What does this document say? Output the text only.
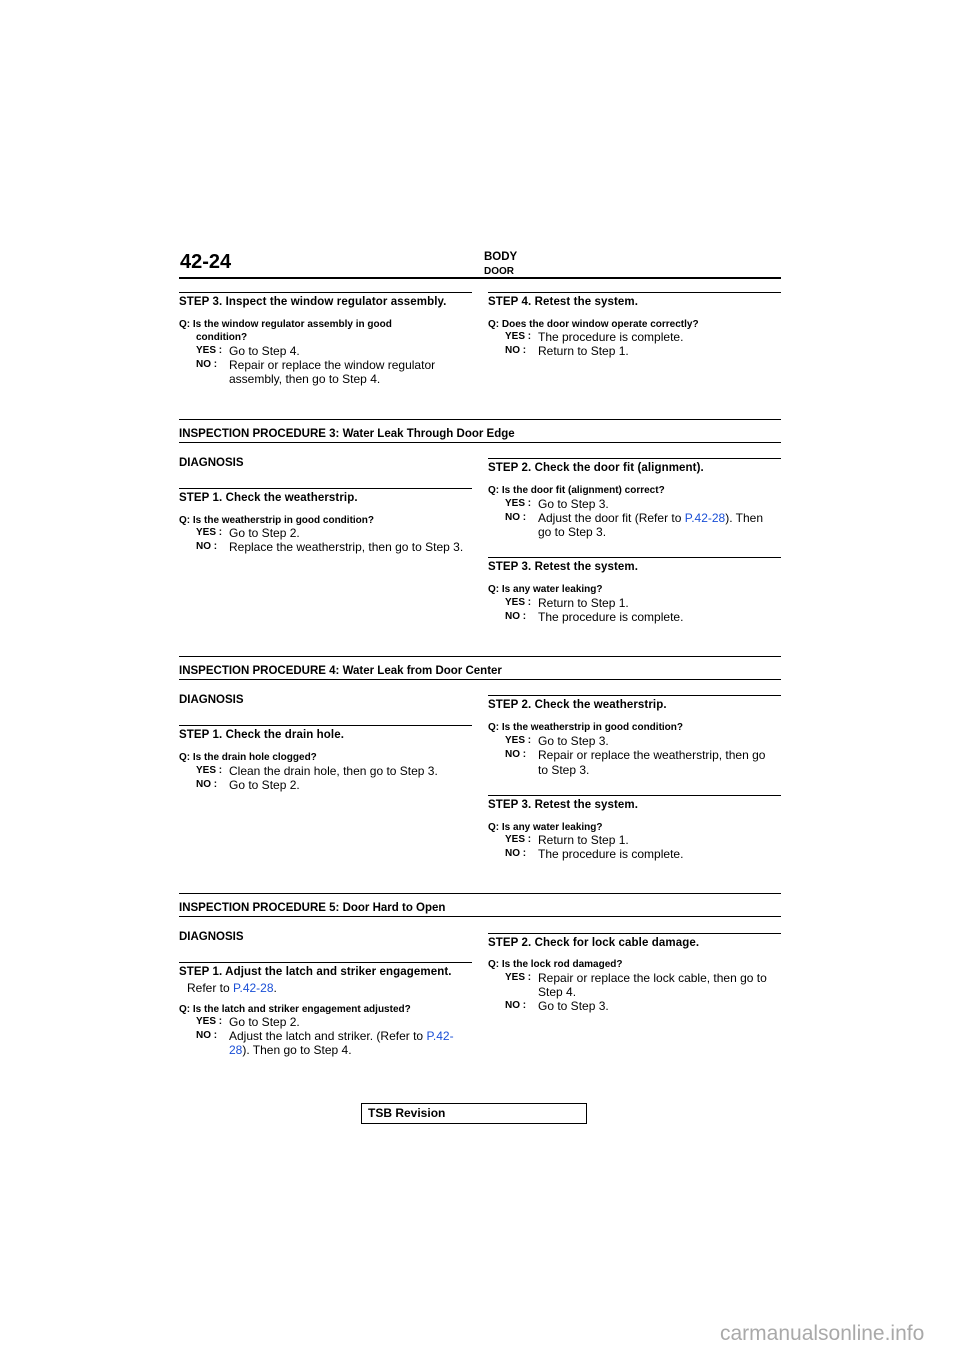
42-24	BODY
DOOR
STEP 3. Inspect the window regulator assembly.
Q: Is the window regulator assembly in good
condition?
YES : Go to Step 4.
NO : Repair or replace the window regulator
assembly, then go to Step 4.
STEP 4. Retest the system.
Q: Does the door window operate correctly?
YES : The procedure is complete.
NO : Return to Step 1.
INSPECTION PROCEDURE 3: Water Leak Through Door Edge
DIAGNOSIS
STEP 1. Check the weatherstrip.
Q: Is the weatherstrip in good condition?
YES : Go to Step 2.
NO : Replace the weatherstrip, then go to Step 3.
STEP 2. Check the door fit (alignment).
Q: Is the door fit (alignment) correct?
YES : Go to Step 3.
NO : Adjust the door fit (Refer to P.42-28). Then
go to Step 3.
STEP 3. Retest the system.
Q: Is any water leaking?
YES : Return to Step 1.
NO : The procedure is complete.
INSPECTION PROCEDURE 4: Water Leak from Door Center
DIAGNOSIS
STEP 1. Check the drain hole.
Q: Is the drain hole clogged?
YES : Clean the drain hole, then go to Step 3.
NO : Go to Step 2.
STEP 2. Check the weatherstrip.
Q: Is the weatherstrip in good condition?
YES : Go to Step 3.
NO : Repair or replace the weatherstrip, then go
to Step 3.
STEP 3. Retest the system.
Q: Is any water leaking?
YES : Return to Step 1.
NO : The procedure is complete.
INSPECTION PROCEDURE 5: Door Hard to Open
DIAGNOSIS
STEP 1. Adjust the latch and striker engagement.
Refer to P.42-28.
Q: Is the latch and striker engagement adjusted?
YES : Go to Step 2.
NO : Adjust the latch and striker. (Refer to P.42-
28). Then go to Step 4.
STEP 2. Check for lock cable damage.
Q: Is the lock rod damaged?
YES : Repair or replace the lock cable, then go to
Step 4.
NO : Go to Step 3.
TSB Revision
carmanualsonline.info
